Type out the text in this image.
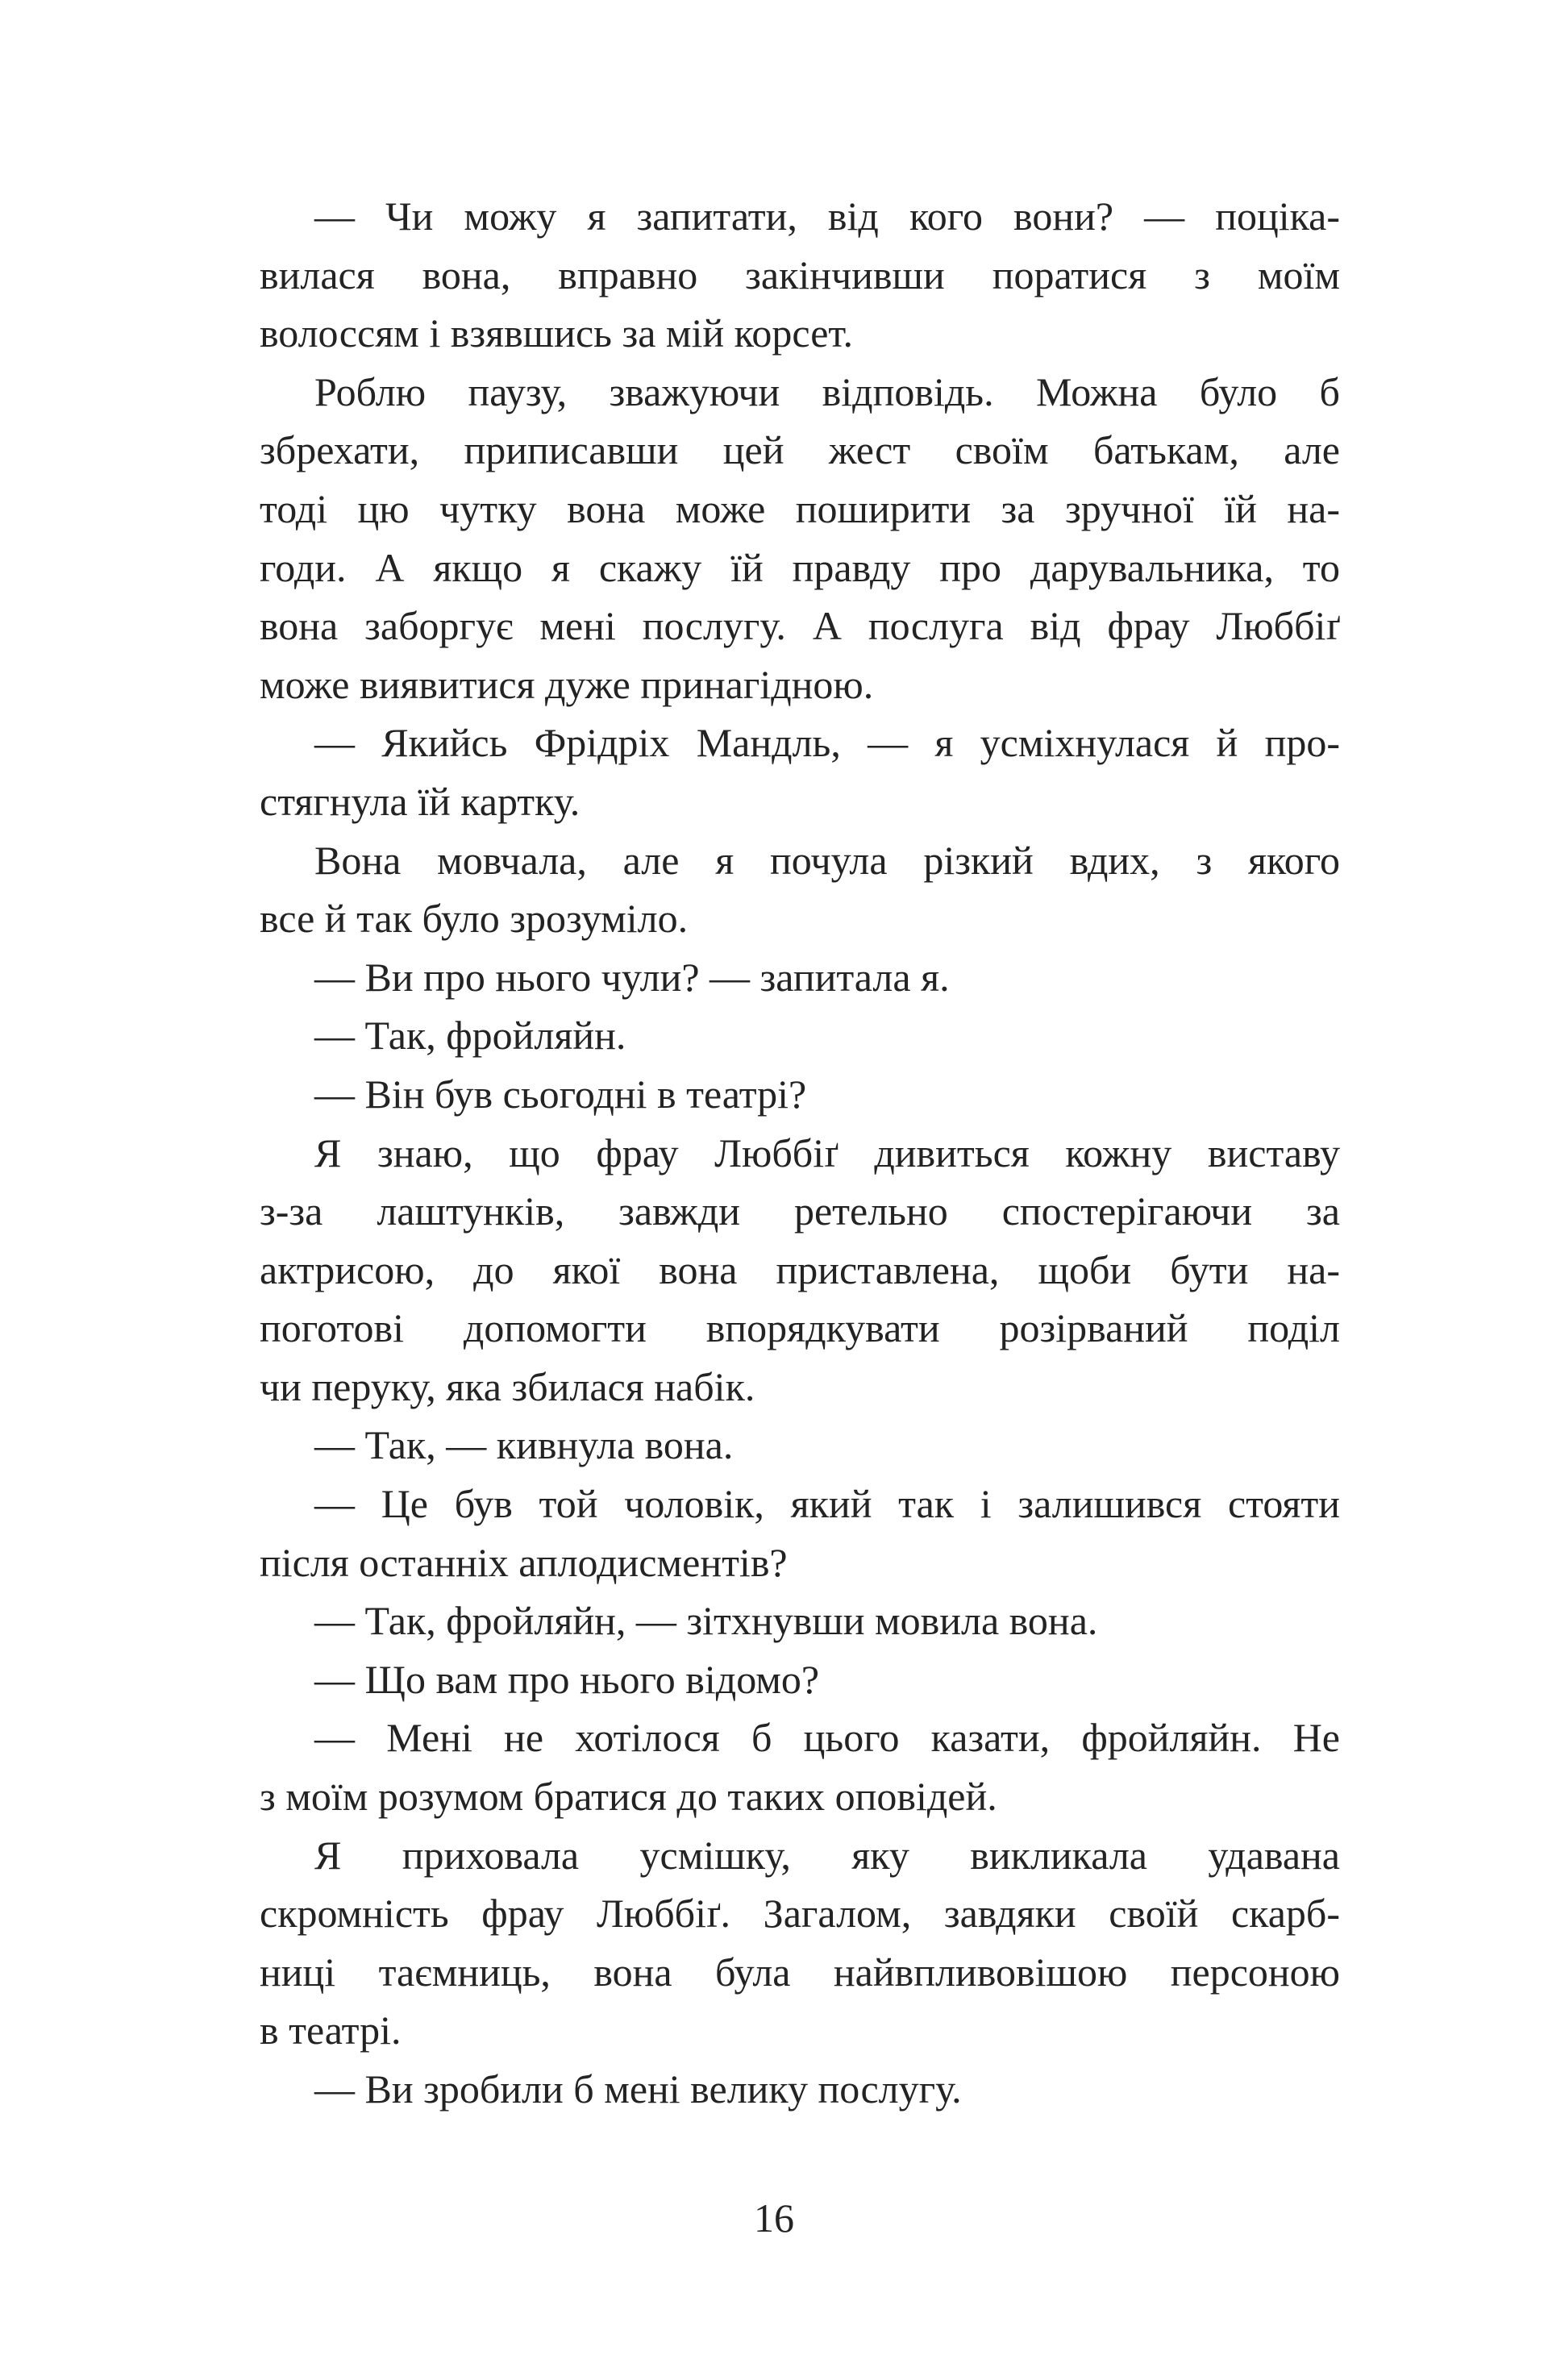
— Чи можу я запитати, від кого вони? — поціка-
вилася вона, вправно закінчивши поратися з моїм
волоссям і взявшись за мій корсет.
Роблю паузу, зважуючи відповідь. Можна було б
збрехати, приписавши цей жест своїм батькам, але
тоді цю чутку вона може поширити за зручної їй на-
годи. А якщо я скажу їй правду про дарувальника, то
вона заборгує мені послугу. А послуга від фрау Люббіґ
може виявитися дуже принагідною.
— Якийсь Фрідріх Мандль, — я усміхнулася й про-
стягнула їй картку.
Вона мовчала, але я почула різкий вдих, з якого
все й так було зрозуміло.
— Ви про нього чули? — запитала я.
— Так, фройляйн.
— Він був сьогодні в театрі?
Я знаю, що фрау Люббіґ дивиться кожну виставу
з-за лаштунків, завжди ретельно спостерігаючи за
актрисою, до якої вона приставлена, щоби бути на-
поготові допомогти впорядкувати розірваний поділ
чи перуку, яка збилася набік.
— Так, — кивнула вона.
— Це був той чоловік, який так і залишився стояти
після останніх аплодисментів?
— Так, фройляйн, — зітхнувши мовила вона.
— Що вам про нього відомо?
— Мені не хотілося б цього казати, фройляйн. Не
з моїм розумом братися до таких оповідей.
Я приховала усмішку, яку викликала удавана
скромність фрау Люббіґ. Загалом, завдяки своїй скарб-
ниці таємниць, вона була найвпливовішою персоною
в театрі.
— Ви зробили б мені велику послугу.
16
